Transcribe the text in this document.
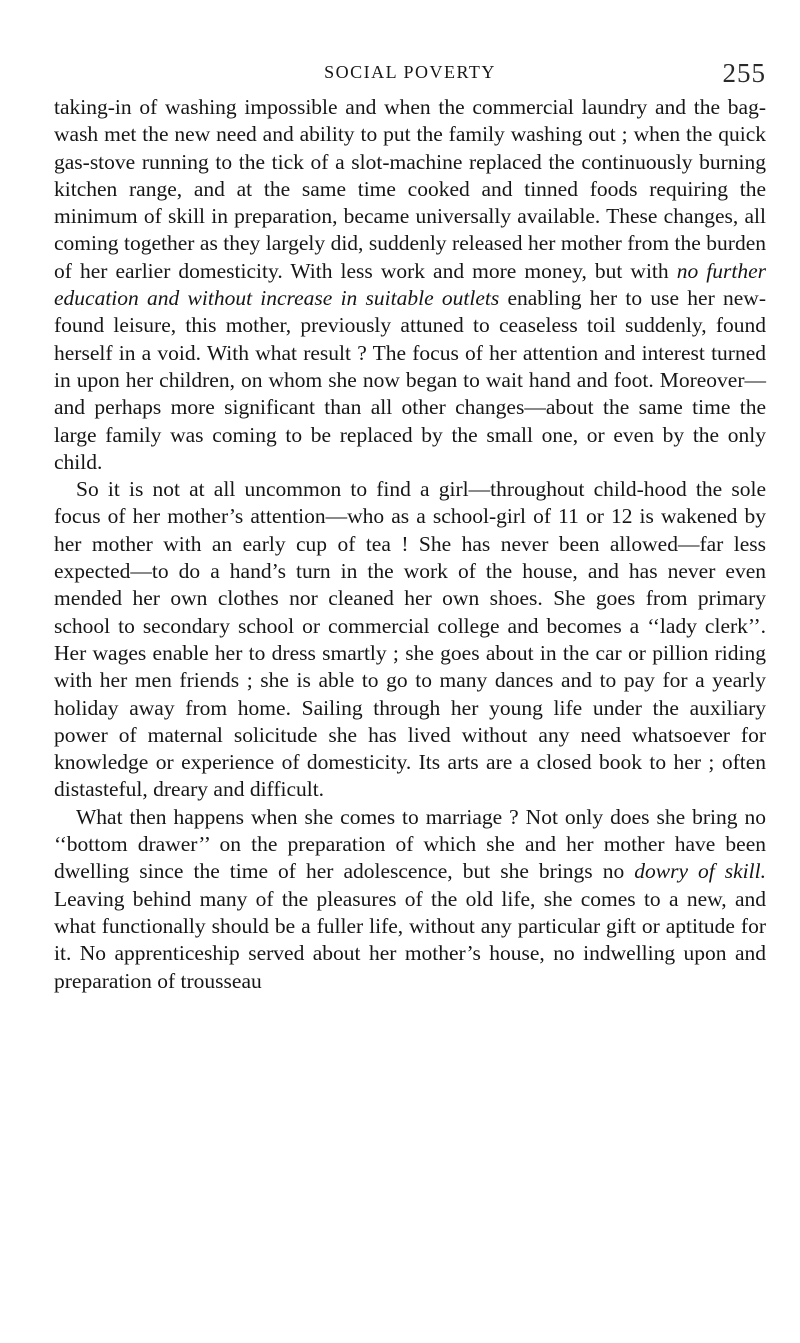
SOCIAL POVERTY	255

taking-in of washing impossible and when the commercial laundry and the bag-wash met the new need and ability to put the family washing out ; when the quick gas-stove running to the tick of a slot-machine replaced the continuously burning kitchen range, and at the same time cooked and tinned foods requiring the minimum of skill in preparation, became universally available. These changes, all coming together as they largely did, suddenly released her mother from the burden of her earlier domesticity. With less work and more money, but with no further education and without increase in suitable outlets enabling her to use her new-found leisure, this mother, previously attuned to ceaseless toil suddenly, found herself in a void. With what result ? The focus of her attention and interest turned in upon her children, on whom she now began to wait hand and foot. Moreover—and perhaps more significant than all other changes—about the same time the large family was coming to be replaced by the small one, or even by the only child.

So it is not at all uncommon to find a girl—throughout child-hood the sole focus of her mother’s attention—who as a school-girl of 11 or 12 is wakened by her mother with an early cup of tea ! She has never been allowed—far less expected—to do a hand’s turn in the work of the house, and has never even mended her own clothes nor cleaned her own shoes. She goes from primary school to secondary school or commercial college and becomes a ‘‘lady clerk’’. Her wages enable her to dress smartly ; she goes about in the car or pillion riding with her men friends ; she is able to go to many dances and to pay for a yearly holiday away from home. Sailing through her young life under the auxiliary power of maternal solicitude she has lived without any need whatsoever for knowledge or experience of domesticity. Its arts are a closed book to her ; often distasteful, dreary and difficult.

What then happens when she comes to marriage ? Not only does she bring no ‘‘bottom drawer’’ on the preparation of which she and her mother have been dwelling since the time of her adolescence, but she brings no dowry of skill. Leaving behind many of the pleasures of the old life, she comes to a new, and what functionally should be a fuller life, without any particular gift or aptitude for it. No apprenticeship served about her mother’s house, no indwelling upon and preparation of trousseau
